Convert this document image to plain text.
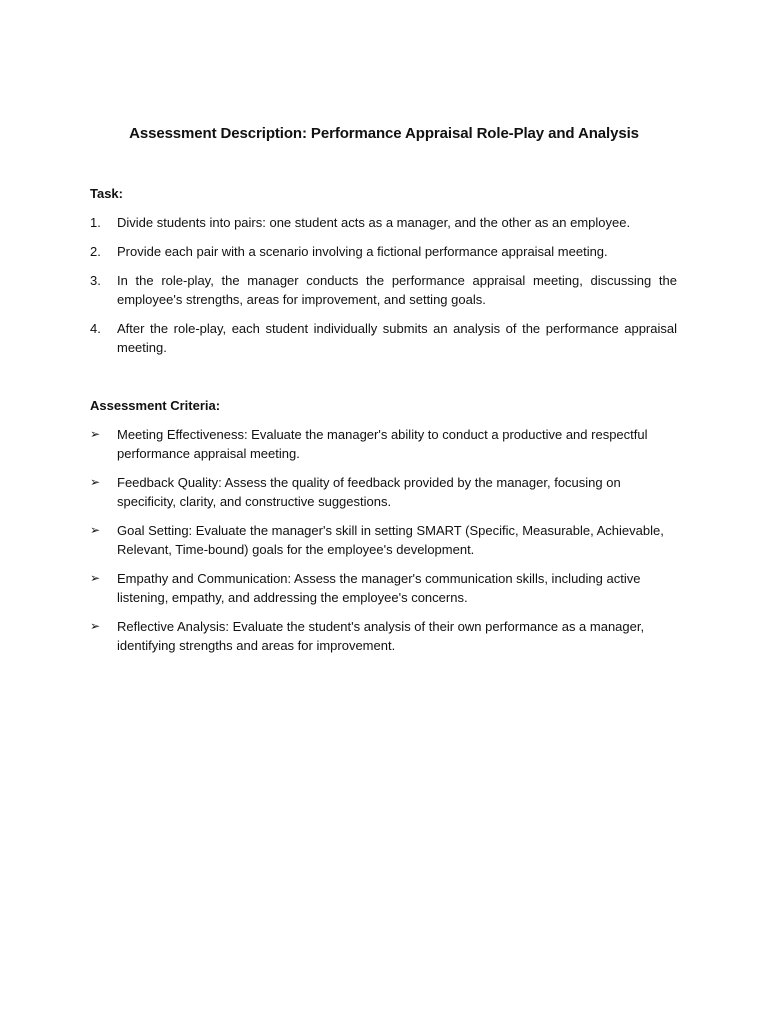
Assessment Description: Performance Appraisal Role-Play and Analysis
Task:
1.	Divide students into pairs: one student acts as a manager, and the other as an employee.
2.	Provide each pair with a scenario involving a fictional performance appraisal meeting.
3.	In the role-play, the manager conducts the performance appraisal meeting, discussing the employee's strengths, areas for improvement, and setting goals.
4.	After the role-play, each student individually submits an analysis of the performance appraisal meeting.
Assessment Criteria:
➢	Meeting Effectiveness: Evaluate the manager's ability to conduct a productive and respectful performance appraisal meeting.
➢	Feedback Quality: Assess the quality of feedback provided by the manager, focusing on specificity, clarity, and constructive suggestions.
➢	Goal Setting: Evaluate the manager's skill in setting SMART (Specific, Measurable, Achievable, Relevant, Time-bound) goals for the employee's development.
➢	Empathy and Communication: Assess the manager's communication skills, including active listening, empathy, and addressing the employee's concerns.
➢	Reflective Analysis: Evaluate the student's analysis of their own performance as a manager, identifying strengths and areas for improvement.
